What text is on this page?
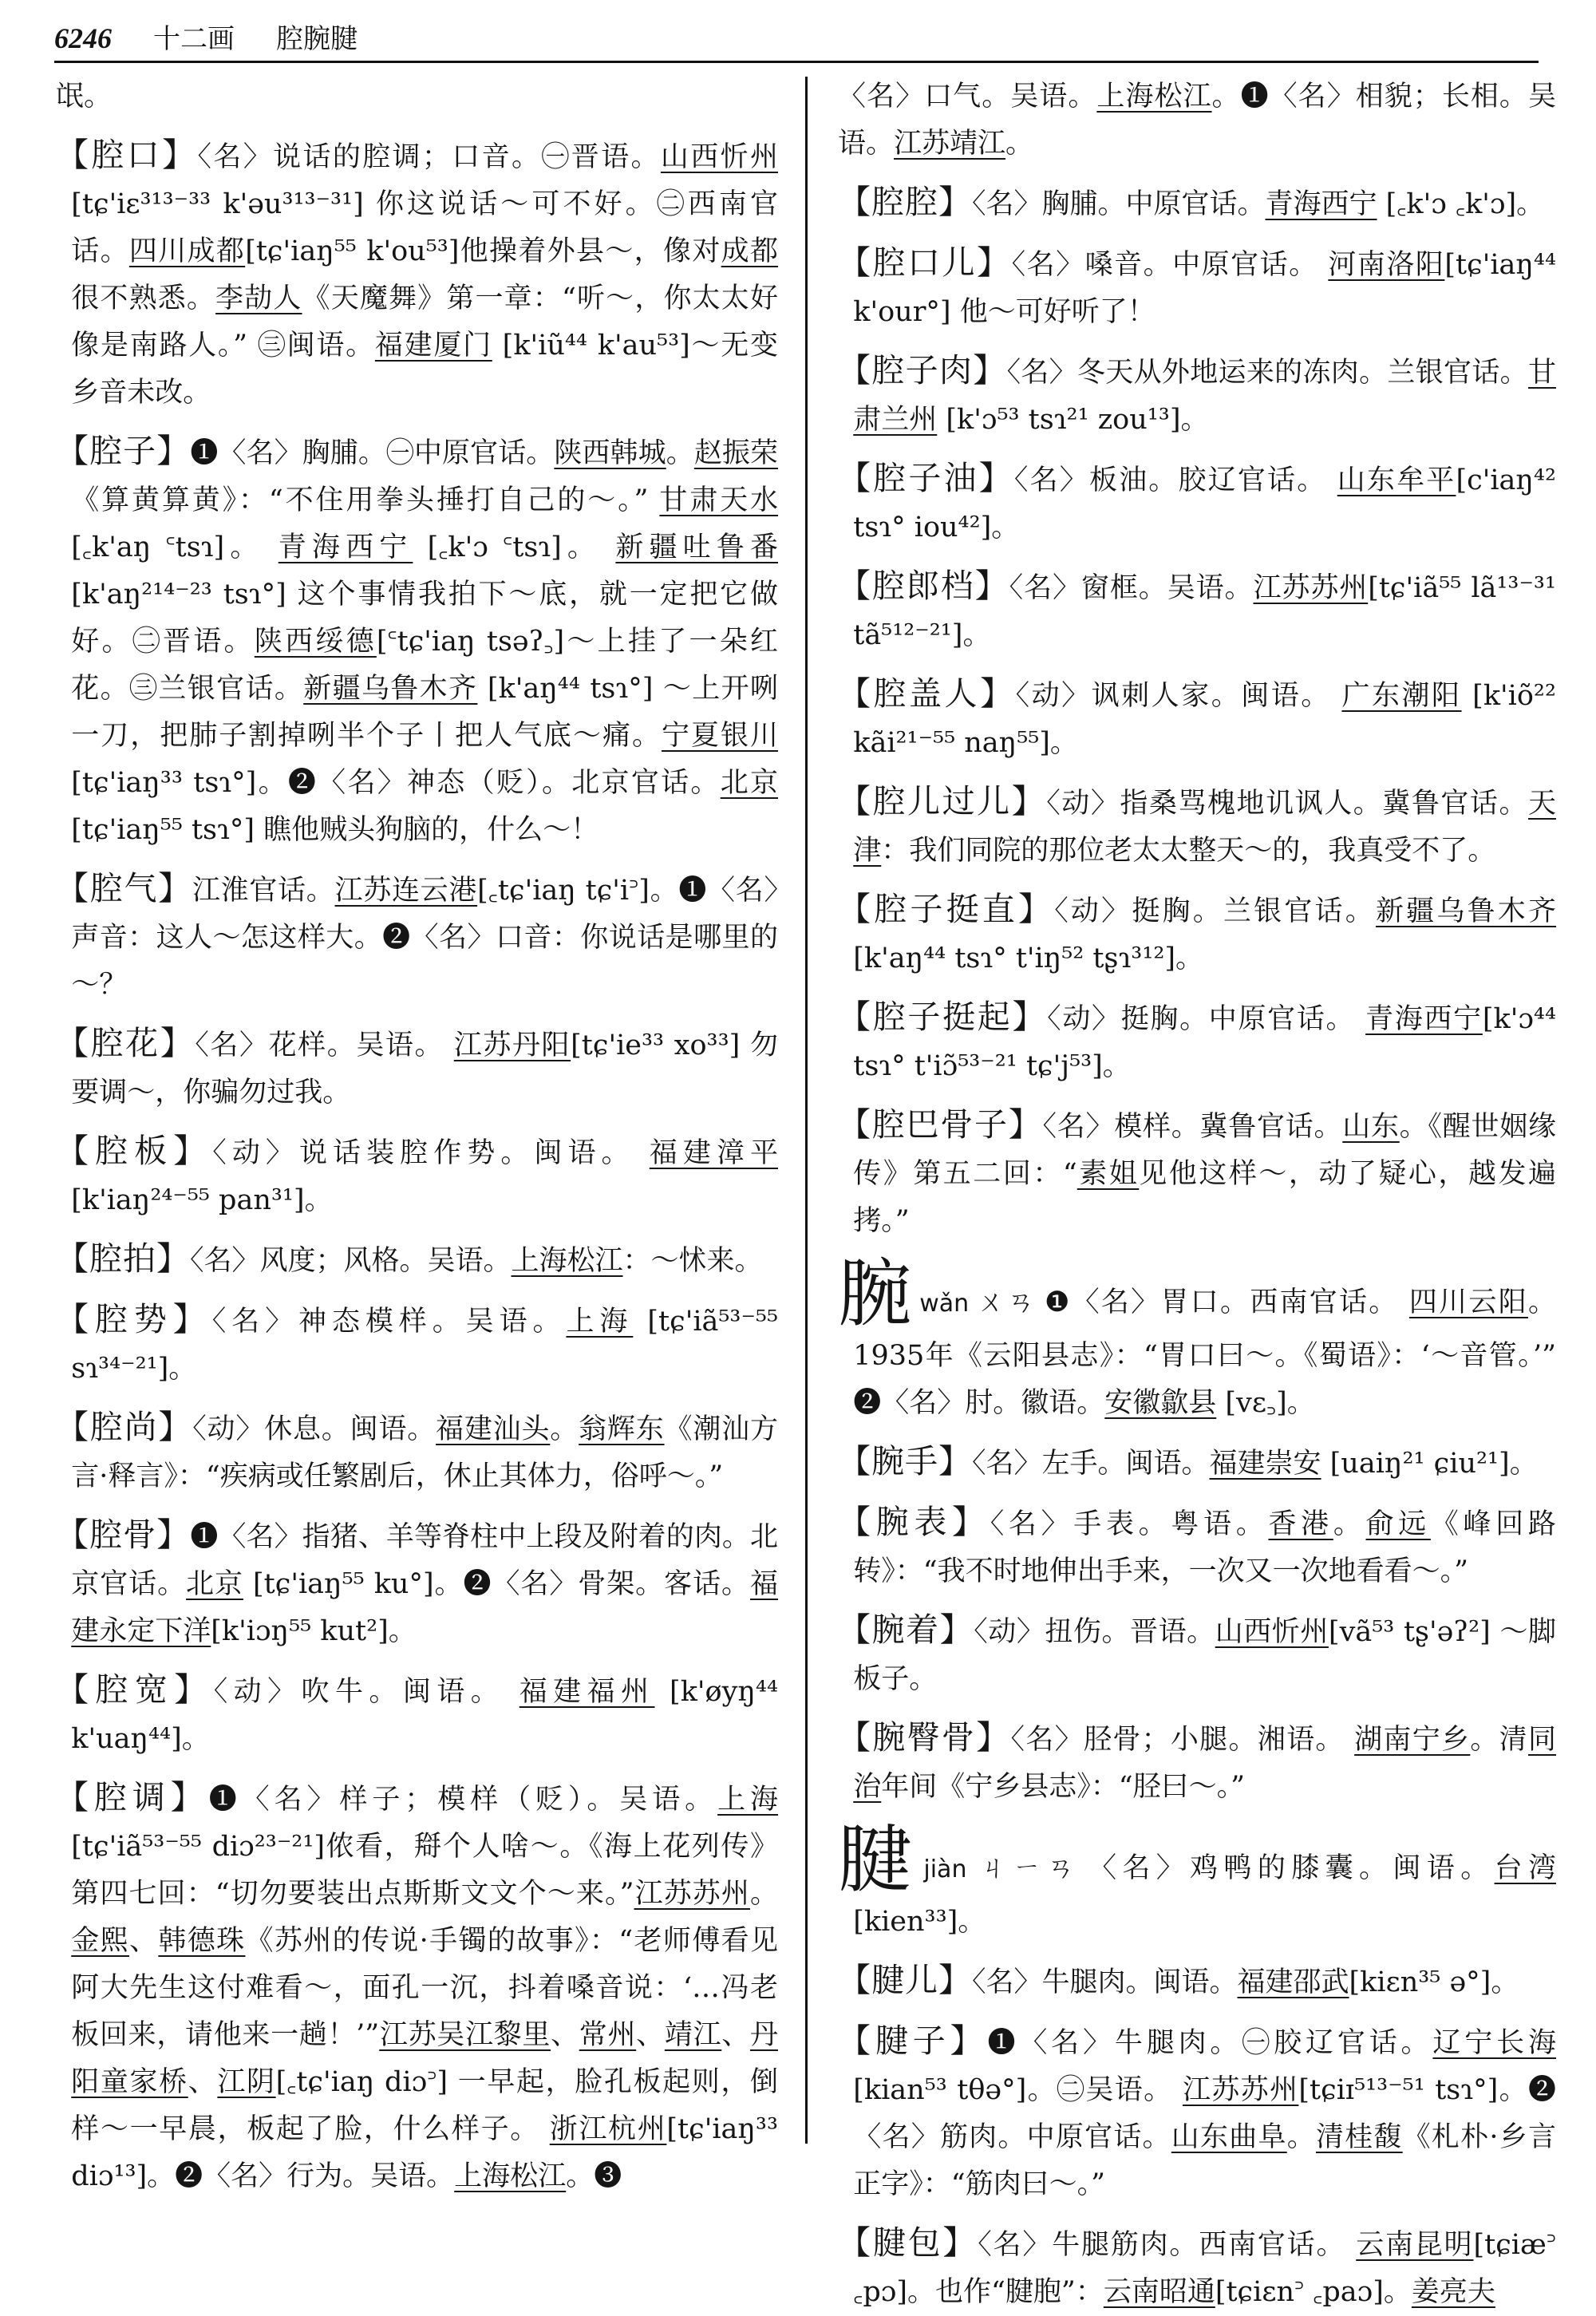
6246 十二画 腔腕腱

氓。

【腔口】〈名〉说话的腔调；口音。㊀晋语。山西忻州[tɕ'iɛ³¹³⁻³³ k'əu³¹³⁻³¹] 你这说话～可不好。㊁西南官话。四川成都[tɕ'iaŋ⁵⁵ k'ou⁵³]他操着外县～，像对成都很不熟悉。李劼人《天魔舞》第一章：“听～，你太太好像是南路人。” ㊂闽语。福建厦门 [k'iũ⁴⁴ k'au⁵³]～无变乡音未改。

【腔子】❶〈名〉胸脯。㊀中原官话。陕西韩城。赵振荣《算黄算黄》：“不住用拳头捶打自己的～。” 甘肃天水 [꜀k'aŋ ꜂tsɿ]。 青海西宁 [꜀k'ɔ ꜂tsɿ]。 新疆吐鲁番 [k'aŋ²¹⁴⁻²³ tsɿ°] 这个事情我拍下～底，就一定把它做好。㊁晋语。陕西绥德[꜂tɕ'iaŋ tsəʔ꜆]～上挂了一朵红花。㊂兰银官话。新疆乌鲁木齐 [k'aŋ⁴⁴ tsɿ°] ～上开咧一刀，把肺子割掉咧半个子丨把人气底～痛。宁夏银川 [tɕ'iaŋ³³ tsɿ°]。❷〈名〉神态（贬）。北京官话。北京[tɕ'iaŋ⁵⁵ tsɿ°] 瞧他贼头狗脑的，什么～！

【腔气】江淮官话。江苏连云港[꜀tɕ'iaŋ tɕ'i꜄]。❶〈名〉声音：这人～怎这样大。❷〈名〉口音：你说话是哪里的～？

【腔花】〈名〉花样。吴语。 江苏丹阳[tɕ'ie³³ xo³³] 勿要调～，你骗勿过我。

【腔板】〈动〉说话装腔作势。闽语。 福建漳平 [k'iaŋ²⁴⁻⁵⁵ pan³¹]。

【腔拍】〈名〉风度；风格。吴语。上海松江：～怵来。

【腔势】〈名〉神态模样。吴语。上海 [tɕ'iã⁵³⁻⁵⁵ sɿ³⁴⁻²¹]。

【腔尚】〈动〉休息。闽语。福建汕头。翁辉东《潮汕方言·释言》：“疾病或任繁剧后，休止其体力，俗呼～。”

【腔骨】❶〈名〉指猪、羊等脊柱中上段及附着的肉。北京官话。北京 [tɕ'iaŋ⁵⁵ ku°]。❷〈名〉骨架。客话。福建永定下洋[k'iɔŋ⁵⁵ kut²]。

【腔宽】〈动〉吹牛。闽语。 福建福州 [k'øyŋ⁴⁴ k'uaŋ⁴⁴]。

【腔调】❶〈名〉样子；模样（贬）。吴语。上海[tɕ'iã⁵³⁻⁵⁵ diɔ²³⁻²¹]侬看，搿个人啥～。《海上花列传》第四七回：“切勿要装出点斯斯文文个～来。”江苏苏州。金熙、韩德珠《苏州的传说·手镯的故事》：“老师傅看见阿大先生这付难看～，面孔一沉，抖着嗓音说：‘…冯老板回来，请他来一趟！’”江苏吴江黎里、常州、靖江、丹阳童家桥、江阴[꜀tɕ'iaŋ diɔ꜄] 一早起，脸孔板起则，倒样～一早晨，板起了脸，什么样子。 浙江杭州[tɕ'iaŋ³³ diɔ¹³]。❷〈名〉行为。吴语。上海松江。❸

〈名〉口气。吴语。上海松江。❶〈名〉相貌；长相。吴语。江苏靖江。

【腔腔】〈名〉胸脯。中原官话。青海西宁 [꜀k'ɔ ꜀k'ɔ]。

【腔口儿】〈名〉嗓音。中原官话。 河南洛阳[tɕ'iaŋ⁴⁴ k'our°] 他～可好听了！

【腔子肉】〈名〉冬天从外地运来的冻肉。兰银官话。甘肃兰州 [k'ɔ⁵³ tsɿ²¹ zou¹³]。

【腔子油】〈名〉板油。胶辽官话。 山东牟平[c'iaŋ⁴² tsɿ° iou⁴²]。

【腔郎档】〈名〉窗框。吴语。江苏苏州[tɕ'iã⁵⁵ lã¹³⁻³¹ tã⁵¹²⁻²¹]。

【腔盖人】〈动〉讽刺人家。闽语。 广东潮阳 [k'iõ²² kãi²¹⁻⁵⁵ naŋ⁵⁵]。

【腔儿过儿】〈动〉指桑骂槐地讥讽人。冀鲁官话。天津：我们同院的那位老太太整天～的，我真受不了。

【腔子挺直】〈动〉挺胸。兰银官话。新疆乌鲁木齐[k'aŋ⁴⁴ tsɿ° t'iŋ⁵² tʂɿ³¹²]。

【腔子挺起】〈动〉挺胸。中原官话。 青海西宁[k'ɔ⁴⁴ tsɿ° t'iɔ̃⁵³⁻²¹ tɕ'j⁵³]。

【腔巴骨子】〈名〉模样。冀鲁官话。山东。《醒世姻缘传》第五二回：“素姐见他这样～，动了疑心，越发遍拷。”

腕wǎn ㄨㄢ ❶〈名〉胃口。西南官话。 四川云阳。1935年《云阳县志》：“胃口曰～。《蜀语》：‘～音管。’” ❷〈名〉肘。徽语。安徽歙县 [vɛ꜆]。

【腕手】〈名〉左手。闽语。福建崇安 [uaiŋ²¹ ɕiu²¹]。

【腕表】〈名〉手表。粤语。香港。俞远《峰回路转》：“我不时地伸出手来，一次又一次地看看～。”

【腕着】〈动〉扭伤。晋语。山西忻州[vã⁵³ tʂ'əʔ²] ～脚板子。

【腕臀骨】〈名〉胫骨；小腿。湘语。 湖南宁乡。清同治年间《宁乡县志》：“胫曰～。”

腱jiàn ㄐㄧㄢ 〈名〉鸡鸭的膝囊。闽语。台湾[kien³³]。

【腱儿】〈名〉牛腿肉。闽语。福建邵武[kiɛn³⁵ ə°]。

【腱子】❶〈名〉牛腿肉。㊀胶辽官话。辽宁长海[kian⁵³ tθə°]。㊁吴语。 江苏苏州[tɕiɪ⁵¹³⁻⁵¹ tsɿ°]。❷〈名〉筋肉。中原官话。山东曲阜。清桂馥《札朴·乡言正字》：“筋肉曰～。”

【腱包】〈名〉牛腿筋肉。西南官话。 云南昆明[tɕiæ꜄ ꜀pɔ]。也作“腱胞”：云南昭通[tɕiɛn꜄ ꜀paɔ]。姜亮夫
